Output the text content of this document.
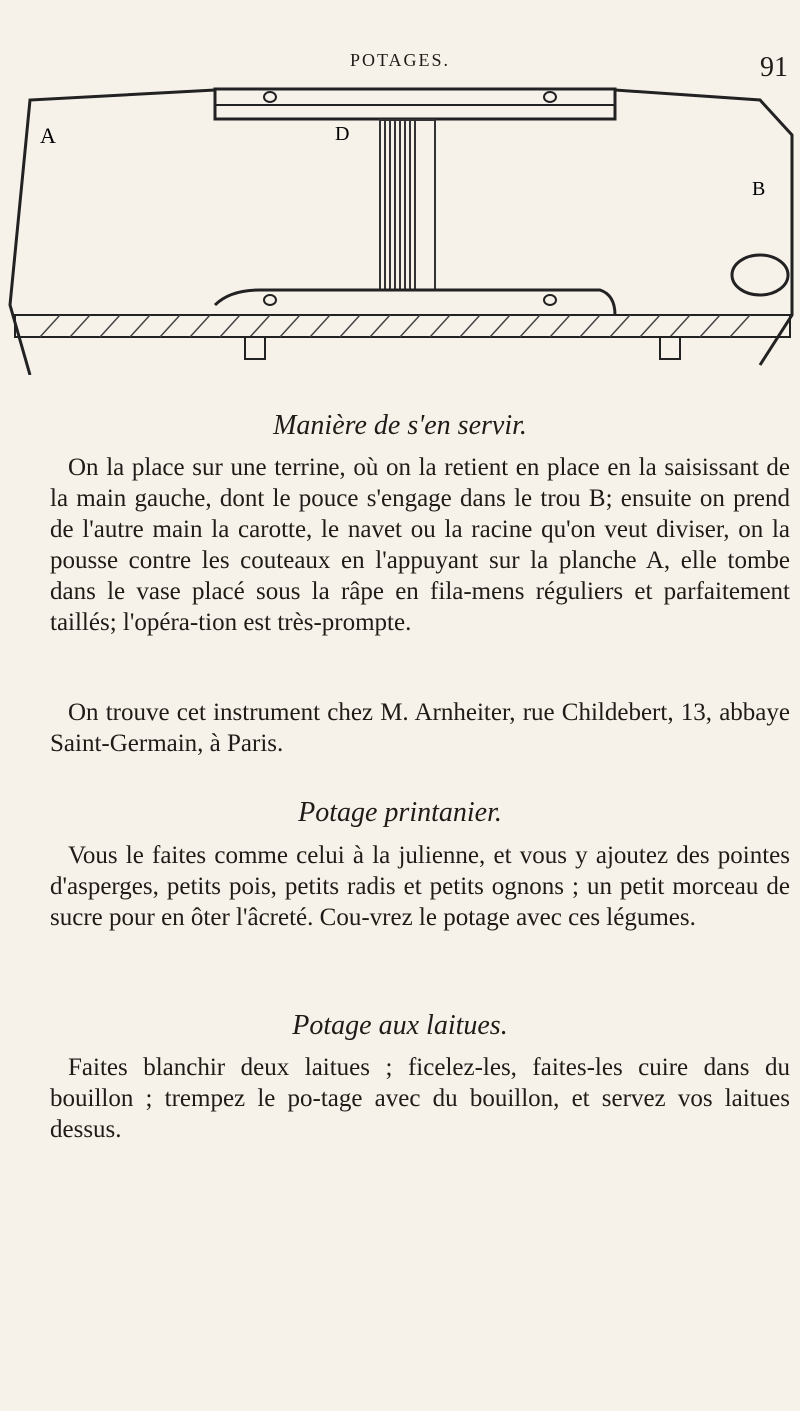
POTAGES.	91
A	D
B
Manière de s'en servir.
On la place sur une terrine, où on la retient en place en la saisissant de la main gauche, dont le pouce s'engage dans le trou B; ensuite on prend de l'autre main la carotte, le navet ou la racine qu'on veut diviser, on la pousse contre les couteaux en l'appuyant sur la planche A, elle tombe dans le vase placé sous la râpe en fila-mens réguliers et parfaitement taillés; l'opéra-tion est très-prompte.
On trouve cet instrument chez M. Arnheiter, rue Childebert, 13, abbaye Saint-Germain, à Paris.
Potage printanier.
Vous le faites comme celui à la julienne, et vous y ajoutez des pointes d'asperges, petits pois, petits radis et petits ognons ; un petit morceau de sucre pour en ôter l'âcreté. Cou-vrez le potage avec ces légumes.
Potage aux laitues.
Faites blanchir deux laitues ; ficelez-les, faites-les cuire dans du bouillon ; trempez le po-tage avec du bouillon, et servez vos laitues dessus.
